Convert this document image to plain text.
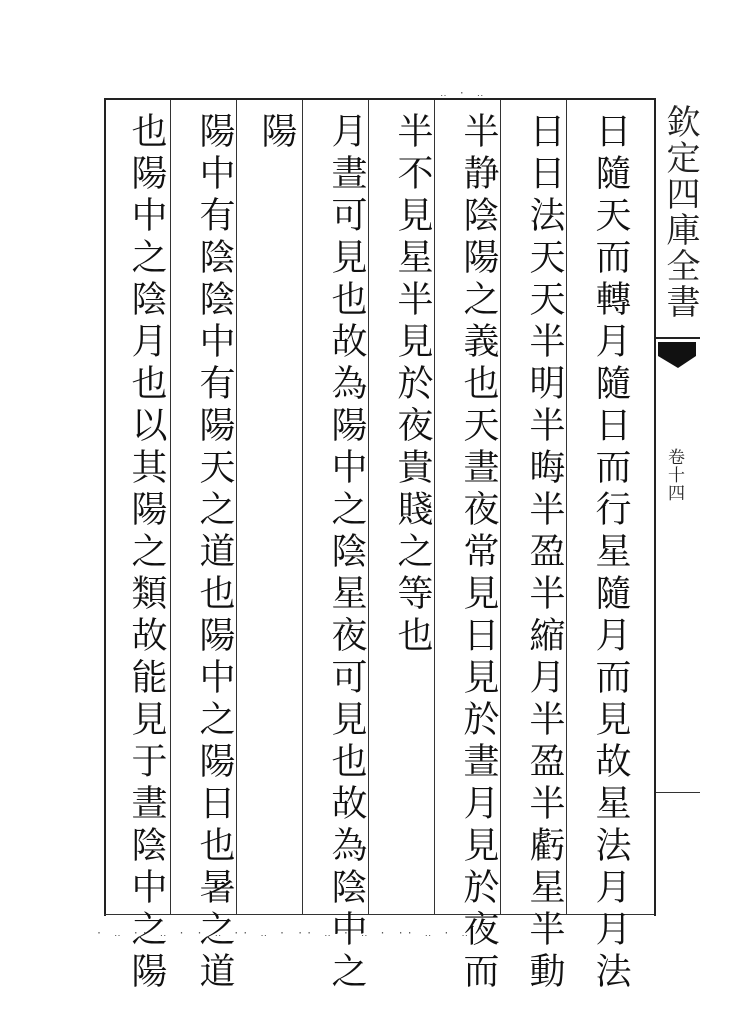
日隨天而轉月隨日而行星隨月而見故星法月月法
日日法天天半明半晦半盈半縮月半盈半虧星半動
半静陰陽之義也天晝夜常見日見於晝月見於夜而
半不見星半見於夜貴賤之等也
月晝可見也故為陽中之陰星夜可見也故為陰中之
陽
陽中有陰陰中有陽天之道也陽中之陽日也暑之道
也陽中之陰月也以其陽之類故能見于晝陰中之陽	欽定四庫全書
卷十四
· ‥ ·· ‥ · · ‥ ·· ‥ · ·· ‥ · ‥ · ·· ‥ · ‥
‥ · ‥
